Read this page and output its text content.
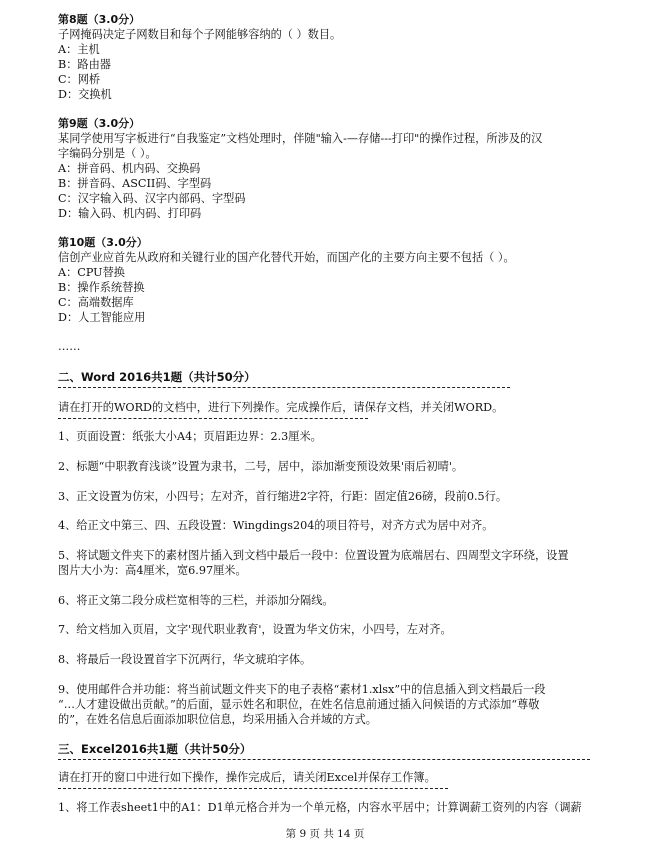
第8题（3.0分）
子网掩码决定子网数目和每个子网能够容纳的（ ）数目。
A：主机
B：路由器
C：网桥
D：交换机
第9题（3.0分）
某同学使用写字板进行“自我鉴定”文档处理时，伴随"输入-—存储---打印"的操作过程，所涉及的汉
字编码分别是（ ）。
A：拼音码、机内码、交换码
B：拼音码、ASCII码、字型码
C：汉字输入码、汉字内部码、字型码
D：输入码、机内码、打印码
第10题（3.0分）
信创产业应首先从政府和关键行业的国产化替代开始，而国产化的主要方向主要不包括（ ）。
A：CPU替换
B：操作系统替换
C：高端数据库
D：人工智能应用
……
二、Word 2016共1题（共计50分）
请在打开的WORD的文档中，进行下列操作。完成操作后，请保存文档，并关闭WORD。
1、页面设置：纸张大小A4；页眉距边界：2.3厘米。
2、标题“中职教育浅谈”设置为隶书，二号，居中，添加渐变预设效果'雨后初晴'。
3、正文设置为仿宋，小四号；左对齐，首行缩进2字符，行距：固定值26磅，段前0.5行。
4、给正文中第三、四、五段设置：Wingdings204的项目符号，对齐方式为居中对齐。
5、将试题文件夹下的素材图片插入到文档中最后一段中：位置设置为底端居右、四周型文字环绕，设置
图片大小为：高4厘米，宽6.97厘米。
6、将正文第二段分成栏宽相等的三栏，并添加分隔线。
7、给文档加入页眉，文字'现代职业教育'，设置为华文仿宋，小四号，左对齐。
8、将最后一段设置首字下沉两行，华文琥珀字体。
9、使用邮件合并功能：将当前试题文件夹下的电子表格“素材1.xlsx”中的信息插入到文档最后一段
“…人才建设做出贡献。”的后面，显示姓名和职位，在姓名信息前通过插入问候语的方式添加“尊敬
的”，在姓名信息后面添加职位信息，均采用插入合并域的方式。
三、Excel2016共1题（共计50分）
请在打开的窗口中进行如下操作，操作完成后，请关闭Excel并保存工作簿。
1、将工作表sheet1中的A1：D1单元格合并为一个单元格，内容水平居中；计算调薪工资列的内容（调薪
第 9 页 共 14 页
